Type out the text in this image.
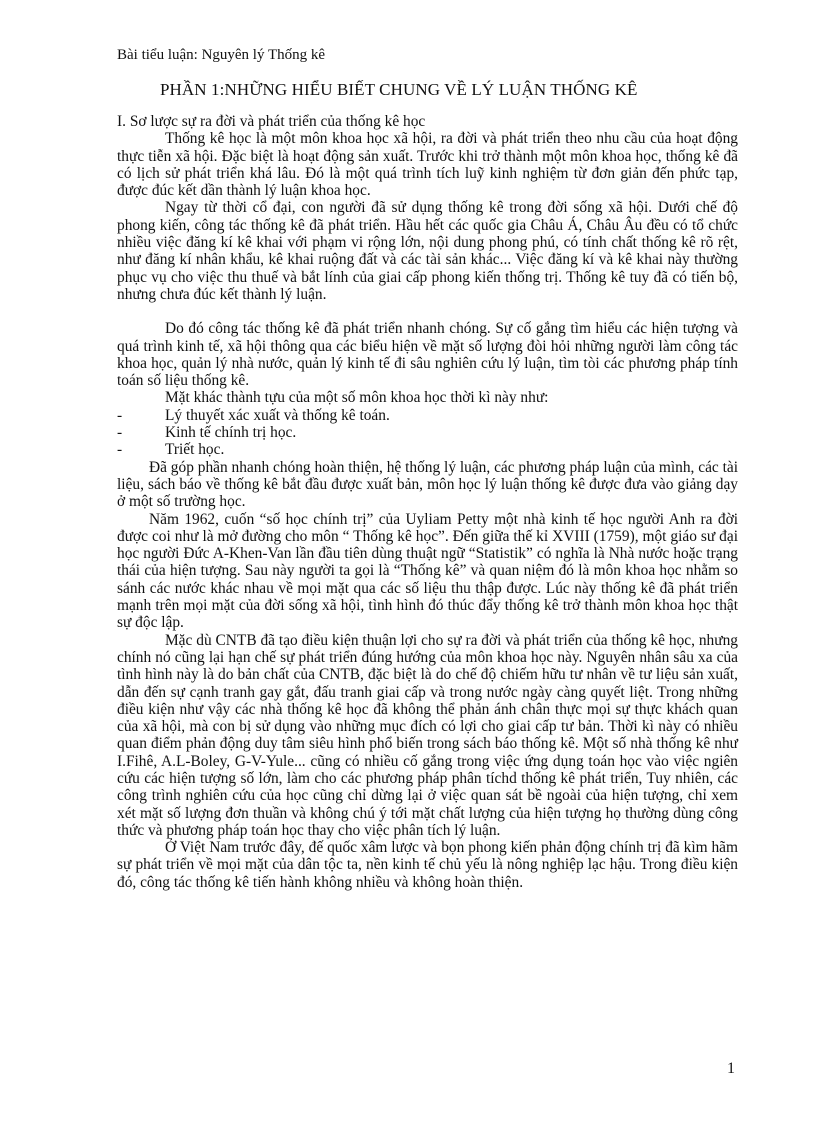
Bài tiểu luận: Nguyên lý Thống kê
PHẦN 1:NHỮNG HIỂU BIẾT CHUNG VỀ LÝ LUẬN THỐNG KÊ

I. Sơ lược sự ra đời và phát triển của thống kê học

Thống kê học là một môn khoa học xã hội, ra đời và phát triển theo nhu cầu của hoạt động thực tiễn xã hội. Đặc biệt là hoạt động sản xuất. Trước khi trở thành một môn khoa học, thống kê đã có lịch sử phát triển khá lâu. Đó là một quá trình tích luỹ kinh nghiệm từ đơn giản đến phức tạp, được đúc kết dần thành lý luận khoa học.

Ngay từ thời cổ đại, con người đã sử dụng thống kê trong đời sống xã hội. Dưới chế độ phong kiến, công tác thống kê đã phát triển. Hầu hết các quốc gia Châu Á, Châu Âu đều có tổ chức nhiều việc đăng kí kê khai với phạm vi rộng lớn, nội dung phong phú, có tính chất thống kê rõ rệt, như đăng kí nhân khẩu, kê khai ruộng đất và các tài sản khác... Việc đăng kí và kê khai này thường phục vụ cho việc thu thuế và bắt lính của giai cấp phong kiến thống trị. Thống kê tuy đã có tiến bộ, nhưng chưa đúc kết thành lý luận.

Do đó công tác thống kê đã phát triển nhanh chóng. Sự cố gắng tìm hiểu các hiện tượng và quá trình kinh tế, xã hội thông qua các biểu hiện về mặt số lượng đòi hỏi những người làm công tác khoa học, quản lý nhà nước, quản lý kinh tế đi sâu nghiên cứu lý luận, tìm tòi các phương pháp tính toán số liệu thống kê.

Mặt khác thành tựu của một số môn khoa học thời kì này như:

-	Lý thuyết xác xuất và thống kê toán.
-	Kinh tế chính trị học.
-	Triết học.

Đã góp phần nhanh chóng hoàn thiện, hệ thống lý luận, các phương pháp luận của mình, các tài liệu, sách báo về thống kê bắt đầu được xuất bản, môn học lý luận thống kê được đưa vào giảng dạy ở một số trường học.

Năm 1962, cuốn “số học chính trị” của Uyliam Petty một nhà kinh tế học người Anh ra đời được coi như là mở đường cho môn “ Thống kê học”. Đến giữa thế kỉ XVIII (1759), một giáo sư đại học người Đức A-Khen-Van lần đầu tiên dùng thuật ngữ “Statistik” có nghĩa là Nhà nước hoặc trạng thái của hiện tượng. Sau này người ta gọi là “Thống kê” và quan niệm đó là môn khoa học nhằm so sánh các nước khác nhau về mọi mặt qua các số liệu thu thập được. Lúc này thống kê đã phát triển mạnh trên mọi mặt của đời sống xã hội, tình hình đó thúc đẩy thống kê trở thành môn khoa học thật sự độc lập.

Mặc dù CNTB đã tạo điều kiện thuận lợi cho sự ra đời và phát triển của thống kê học, nhưng chính nó cũng lại hạn chế sự phát triển đúng hướng của môn khoa học này. Nguyên nhân sâu xa của tình hình này là do bản chất của CNTB, đặc biệt là do chế độ chiếm hữu tư nhân về tư liệu sản xuất, dẫn đến sự cạnh tranh gay gắt, đấu tranh giai cấp và trong nước ngày càng quyết liệt. Trong những điều kiện như vậy các nhà thống kê học đã không thể phản ánh chân thực mọi sự thực khách quan của xã hội, mà con bị sử dụng vào những mục đích có lợi cho giai cấp tư bản. Thời kì này có nhiều quan điểm phản động duy tâm siêu hình phổ biến trong sách báo thống kê. Một số nhà thống kê như I.Fihê, A.L-Boley, G-V-Yule... cũng có nhiều cố gắng trong việc ứng dụng toán học vào việc ngiên cứu các hiện tượng số lớn, làm cho các phương pháp phân tíchd thống kê phát triển, Tuy nhiên, các công trình nghiên cứu của học cũng chỉ dừng lại ở việc quan sát bề ngoài của hiện tượng, chỉ xem xét mặt số lượng đơn thuần và không chú ý tới mặt chất lượng của hiện tượng họ thường dùng công thức và phương pháp toán học thay cho việc phân tích lý luận.

Ở Việt Nam trước đây, đế quốc xâm lược và bọn phong kiến phản động chính trị đã kìm hãm sự phát triển về mọi mặt của dân tộc ta, nền kinh tế chủ yếu là nông nghiệp lạc hậu. Trong điều kiện đó, công tác thống kê tiến hành không nhiều và không hoàn thiện.

1
